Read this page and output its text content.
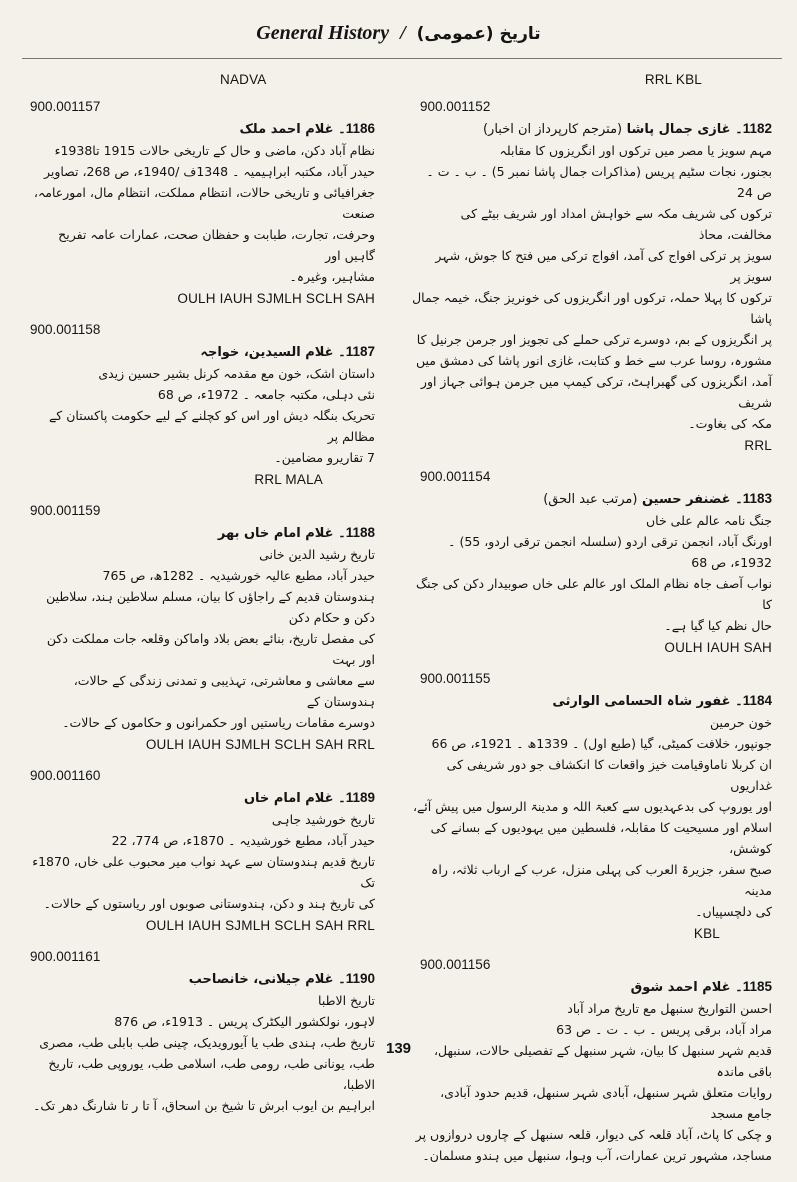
General History / تاریخ (عمومی)
NADVA
900.001157
1186۔ غلام احمد ملک

نظام آباد دکن، ماضی و حال کے تاریخی حالات 1915 تا1938ء

حیدر آباد، مکتبہ ابراہیمیہ ۔ 1348ف /1940ء، ص 268، تصاویر

جغرافیائی و تاریخی حالات، انتظام مملکت، انتظام مال، امورعامہ، صنعت

وحرفت، تجارت، طبابت و حفظان صحت، عمارات عامہ تفریح گاہیں اور

مشاہیر، وغیرہ۔

OULH IAUH SJMLH SCLH SAH
900.001158
1187۔ غلام السیدین، خواجہ

داستان اشک، خون مع مقدمہ کرنل بشیر حسین زیدی

نئی دہلی، مکتبہ جامعہ ۔ 1972ء، ص 68

تحریک بنگلہ دیش اور اس کو کچلنے کے لیے حکومت پاکستان کے مظالم پر

7 تقاریرو مضامین۔

RRL MALA
900.001159
1188۔ غلام امام خاں بھر

تاریخ رشید الدین خانی

حیدر آباد، مطبع عالیہ خورشیدیہ ۔ 1282ھ، ص 765

ہندوستان قدیم کے راجاؤں کا بیان، مسلم سلاطین ہند، سلاطین دکن و حکام دکن

کی مفصل تاریخ، بنائے بعض بلاد واماکن وقلعہ جات مملکت دکن اور بہت

سے معاشی و معاشرتی، تہذیبی و تمدنی زندگی کے حالات، ہندوستان کے

دوسرے مقامات ریاستیں اور حکمرانوں و حکاموں کے حالات۔

OULH IAUH SJMLH SCLH SAH RRL
900.001160
1189۔ غلام امام خاں

تاریخ خورشید جاہی

حیدر آباد، مطبع خورشیدیہ ۔ 1870ء، ص 774، 22

تاریخ قدیم ہندوستان سے عہد نواب میر محبوب علی خاں، 1870ء تک

کی تاریخ ہند و دکن، ہندوستانی صوبوں اور ریاستوں کے حالات۔

OULH IAUH SJMLH SCLH SAH RRL
900.001161
1190۔ غلام جیلانی، خانصاحب

تاریخ الاطبا

لاہور، نولکشور الیکٹرک پریس ۔ 1913ء، ص 876

تاریخ طب، ہندی طب یا آیورویدیک، چینی طب بابلی طب، مصری

طب، یونانی طب، رومی طب، اسلامی طب، یوروپی طب، تاریخ الاطبا،

ابراہیم بن ایوب ابرش تا شیخ بن اسحاق، آ تا ر تا شارنگ دھر تک۔

RRL KBL
900.001152
1182۔ غازی جمال پاشا (مترجم کارپرداز ان اخبار)

مہم سویز یا مصر میں ترکوں اور انگریزوں کا مقابلہ

بجنور، نجات سٹیم پریس (مذاکرات جمال پاشا نمبر 5) ۔ ب ۔ ت ۔

ص 24

ترکوں کی شریف مکہ سے خواہش امداد اور شریف بیٹے کی مخالفت، محاذ

سویز پر ترکی افواج کی آمد، افواج ترکی میں فتح کا جوش، شہر سویز پر

ترکوں کا پہلا حملہ، ترکوں اور انگریزوں کی خونریز جنگ، خیمہ جمال پاشا

پر انگریزوں کے بم، دوسرے ترکی حملے کی تجویز اور جرمن جرنیل کا

مشورہ، روسا عرب سے خط و کتابت، غازی انور پاشا کی دمشق میں

آمد، انگریزوں کی گھبراہٹ، ترکی کیمپ میں جرمن ہوائی جہاز اور شریف

مکہ کی بغاوت۔

RRL
900.001154
1183۔ غضنفر حسین (مرتب عبد الحق)

جنگ نامہ عالم علی خاں

اورنگ آباد، انجمن ترقی اردو (سلسلہ انجمن ترقی اردو، 55) ۔

1932ء، ص 68

نواب آصف جاہ نظام الملک اور عالم علی خاں صوبیدار دکن کی جنگ کا

حال نظم کیا گیا ہے۔

OULH IAUH SAH
900.001155
1184۔ غفور شاہ الحسامی الوارثی

خون حرمین

جونپور، خلافت کمیٹی، گیا (طبع اول) ۔ 1339ھ ۔ 1921ء، ص 66

ان کربلا ناماوقیامت خیز واقعات کا انکشاف جو دور شریفی کی غداریوں

اور یوروپ کی بدعہدیوں سے کعبۃ اللہ و مدینۃ الرسول میں پیش آئے،

اسلام اور مسیحیت کا مقابلہ، فلسطین میں یہودیوں کے بسانے کی کوشش،

صبح سفر، جزیرۃ العرب کی پہلی منزل، عرب کے ارباب ثلاثہ، راہ مدینہ

کی دلچسپیاں۔

KBL
900.001156
1185۔ غلام احمد شوق

احسن التواریخ سنبھل مع تاریخ مراد آباد

مراد آباد، برقی پریس ۔ ب ۔ ت ۔ ص 63

قدیم شہر سنبھل کا بیان، شہر سنبھل کے تفصیلی حالات، سنبھل، باقی ماندہ

روایات متعلق شہر سنبھل، آبادی شہر سنبھل، قدیم حدود آبادی، جامع مسجد

و چکی کا پاٹ، آباد قلعہ کی دیوار، قلعہ سنبھل کے چاروں دروازوں پر

مساجد، مشہور ترین عمارات، آب وہوا، سنبھل میں ہندو مسلمان۔

139
